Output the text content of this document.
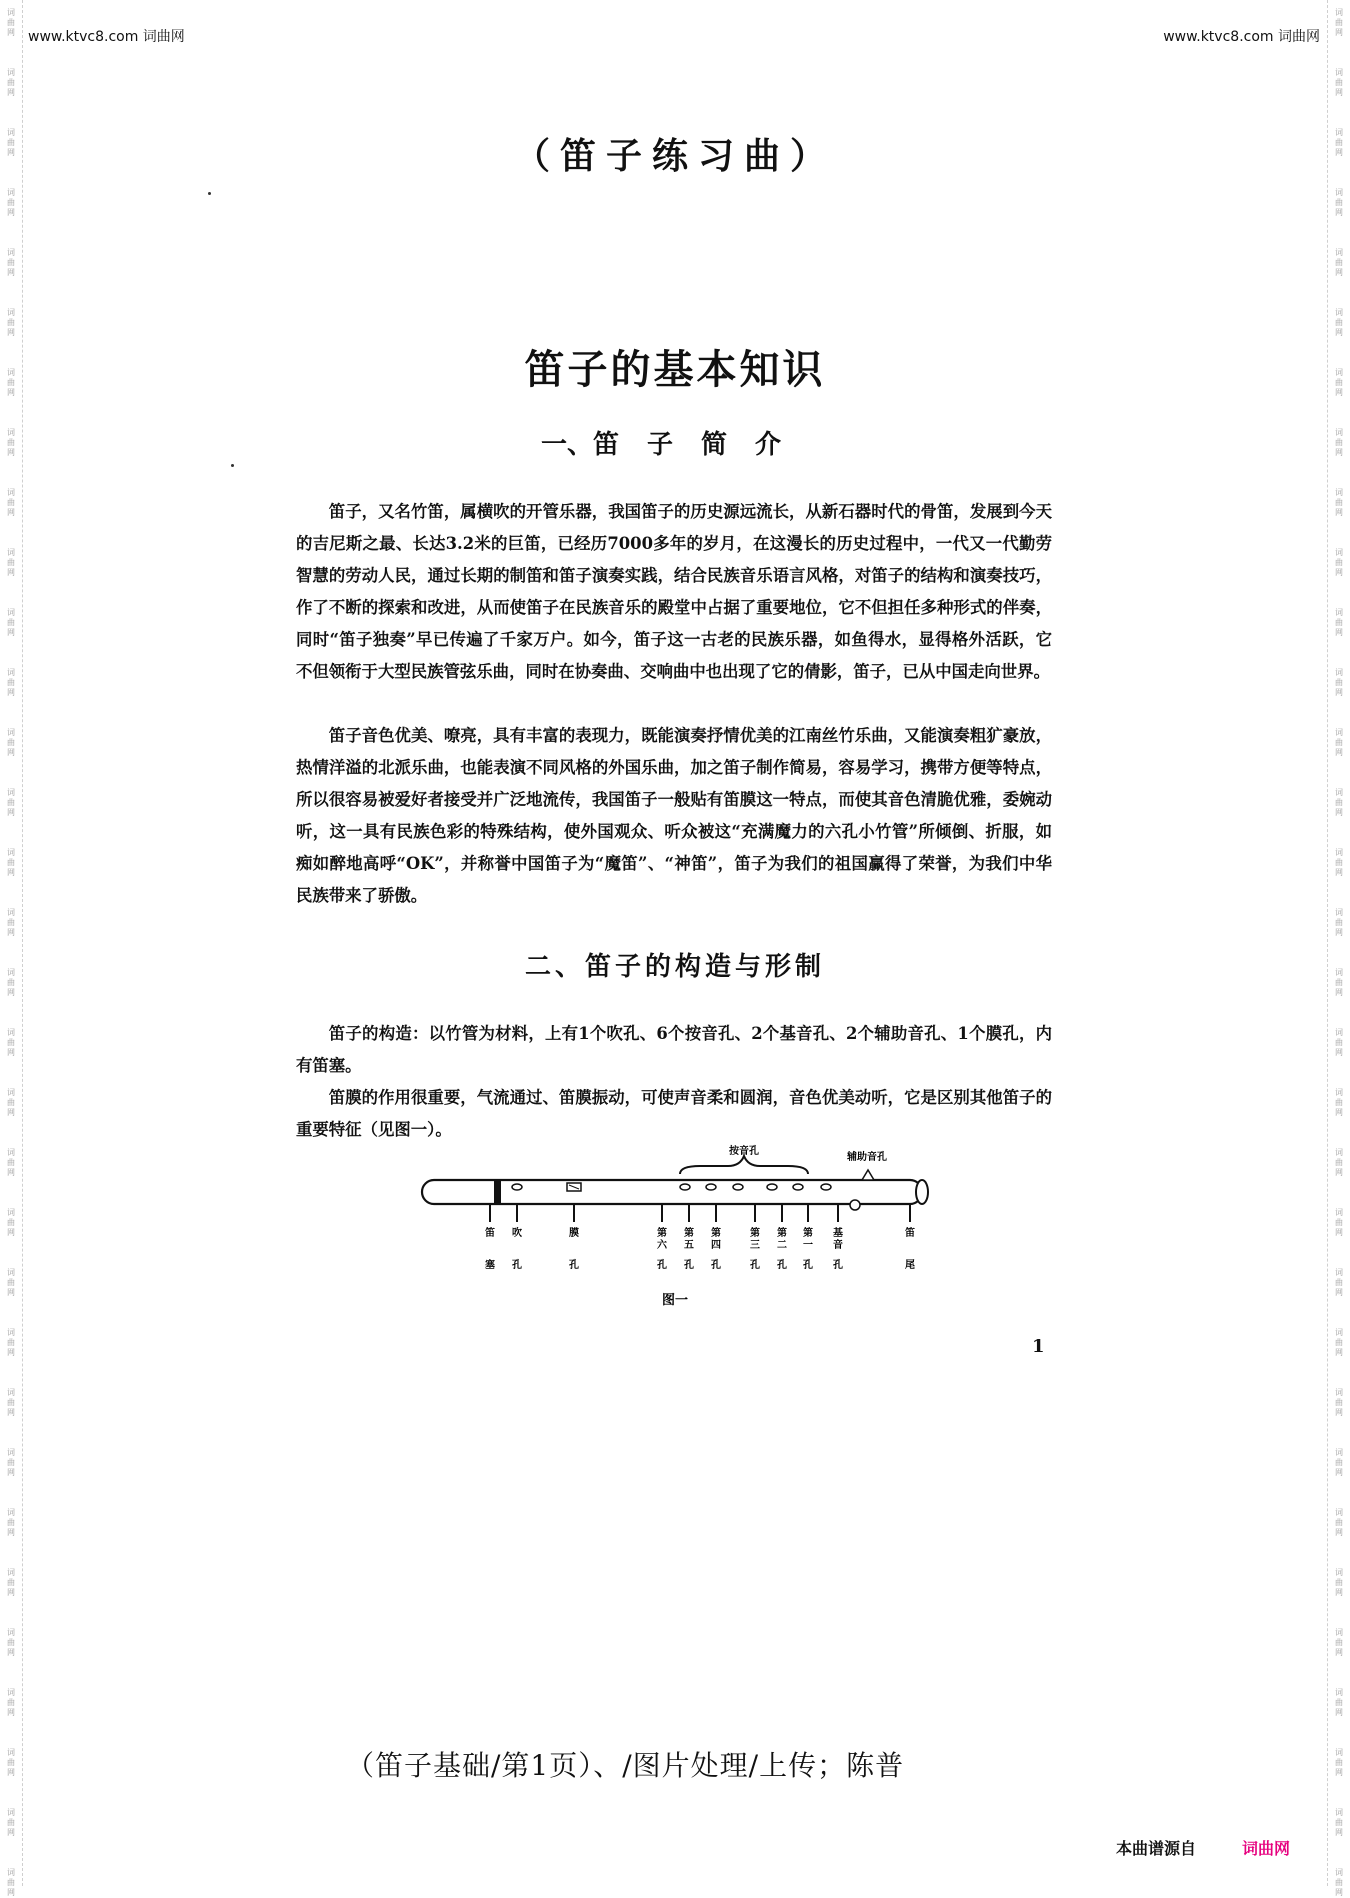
词
曲
网
词
曲
网
词
曲
网
词
曲
网
词
曲
网
词
曲
网
词
曲
网
词
曲
网
词
曲
网
词
曲
网
词
曲
网
词
曲
网
词
曲
网
词
曲
网
词
曲
网
词
曲
网
词
曲
网
词
曲
网
词
曲
网
词
曲
网
词
曲
网
词
曲
网
词
曲
网
词
曲
网
词
曲
网
词
曲
网
词
曲
网
词
曲
网
词
曲
网
词
曲
网
词
曲
网
词
曲
网
词
曲
网
词
曲
网
词
曲
网
词
曲
网
词
曲
网
词
曲
网
词
曲
网
词
曲
网
词
曲
网
词
曲
网
词
曲
网
词
曲
网
词
曲
网
词
曲
网
词
曲
网
词
曲
网
词
曲
网
词
曲
网
词
曲
网
词
曲
网
词
曲
网
词
曲
网
词
曲
网
词
曲
网
词
曲
网
词
曲
网
词
曲
网
词
曲
网
词
曲
网
词
曲
网
词
曲
网
词
曲
网
www.ktvc8.com 词曲网	www.ktvc8.com 词曲网
（笛子练习曲）
笛子的基本知识
一、笛子简介

笛子，又名竹笛，属横吹的开管乐器，我国笛子的历史源远流长，从新石器时代的骨笛，发展到今天的吉尼斯之最、长达3.2米的巨笛，已经历7000多年的岁月，在这漫长的历史过程中，一代又一代勤劳智慧的劳动人民，通过长期的制笛和笛子演奏实践，结合民族音乐语言风格，对笛子的结构和演奏技巧，作了不断的探索和改进，从而使笛子在民族音乐的殿堂中占据了重要地位，它不但担任多种形式的伴奏，同时“笛子独奏”早已传遍了千家万户。如今，笛子这一古老的民族乐器，如鱼得水，显得格外活跃，它不但领衔于大型民族管弦乐曲，同时在协奏曲、交响曲中也出现了它的倩影，笛子，已从中国走向世界。

笛子音色优美、嘹亮，具有丰富的表现力，既能演奏抒情优美的江南丝竹乐曲，又能演奏粗犷豪放，热情洋溢的北派乐曲，也能表演不同风格的外国乐曲，加之笛子制作简易，容易学习，携带方便等特点，所以很容易被爱好者接受并广泛地流传，我国笛子一般贴有笛膜这一特点，而使其音色清脆优雅，委婉动听，这一具有民族色彩的特殊结构，使外国观众、听众被这“充满魔力的六孔小竹管”所倾倒、折服，如痴如醉地高呼“OK”，并称誉中国笛子为“魔笛”、“神笛”，笛子为我们的祖国赢得了荣誉，为我们中华民族带来了骄傲。

二、笛子的构造与形制

笛子的构造：以竹管为材料，上有1个吹孔、6个按音孔、2个基音孔、2个辅助音孔、1个膜孔，内有笛塞。

笛膜的作用很重要，气流通过、笛膜振动，可使声音柔和圆润，音色优美动听，它是区别其他笛子的重要特征（见图一）。

按音孔
辅助音孔
笛
塞
吹
孔
膜
孔
第
六
孔
第
五
孔
第
四
孔
第
三
孔
第
二
孔
第
一
孔
基
音
孔
笛
尾
图一
1
（笛子基础/第1页）、/图片处理/上传；陈普
本曲谱源自	词曲网
